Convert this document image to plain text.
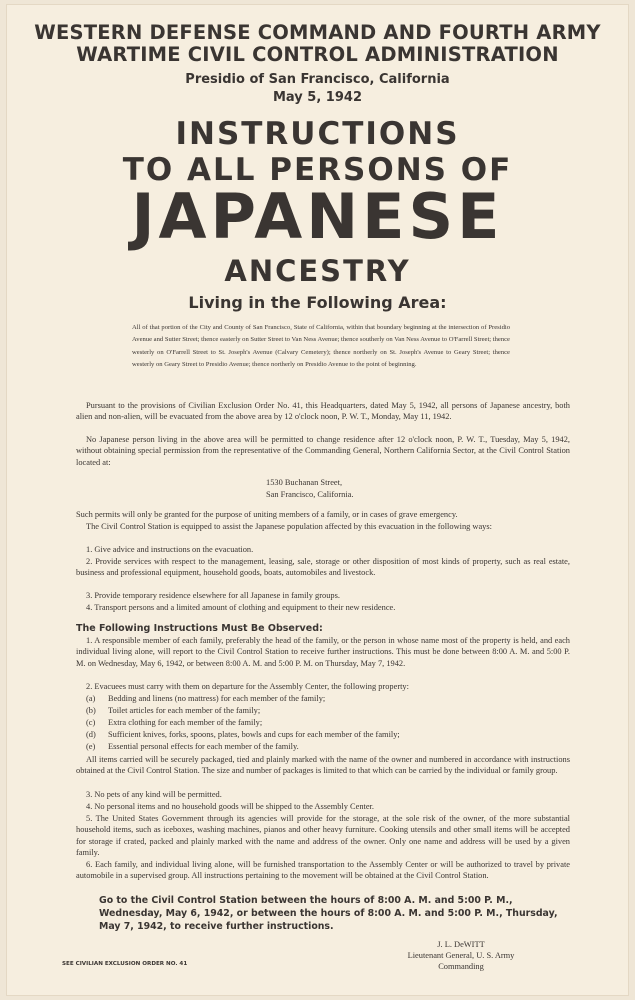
WESTERN DEFENSE COMMAND AND FOURTH ARMY
WARTIME CIVIL CONTROL ADMINISTRATION
Presidio of San Francisco, California
May 5, 1942
INSTRUCTIONS
TO ALL PERSONS OF
JAPANESE
ANCESTRY
Living in the Following Area:
All of that portion of the City and County of San Francisco, State of California, within that boundary beginning at the intersection of Presidio Avenue and Sutter Street; thence easterly on Sutter Street to Van Ness Avenue; thence southerly on Van Ness Avenue to O'Farrell Street; thence westerly on O'Farrell Street to St. Joseph's Avenue (Calvary Cemetery); thence northerly on St. Joseph's Avenue to Geary Street; thence westerly on Geary Street to Presidio Avenue; thence northerly on Presidio Avenue to the point of beginning.

Pursuant to the provisions of Civilian Exclusion Order No. 41, this Headquarters, dated May 5, 1942, all persons of Japanese ancestry, both alien and non-alien, will be evacuated from the above area by 12 o'clock noon, P. W. T., Monday, May 11, 1942.

No Japanese person living in the above area will be permitted to change residence after 12 o'clock noon, P. W. T., Tuesday, May 5, 1942, without obtaining special permission from the representative of the Commanding General, Northern California Sector, at the Civil Control Station located at:

1530 Buchanan Street,
San Francisco, California.

Such permits will only be granted for the purpose of uniting members of a family, or in cases of grave emergency.

The Civil Control Station is equipped to assist the Japanese population affected by this evacuation in the following ways:

1. Give advice and instructions on the evacuation.

2. Provide services with respect to the management, leasing, sale, storage or other disposition of most kinds of property, such as real estate, business and professional equipment, household goods, boats, automobiles and livestock.

3. Provide temporary residence elsewhere for all Japanese in family groups.

4. Transport persons and a limited amount of clothing and equipment to their new residence.

The Following Instructions Must Be Observed:

1. A responsible member of each family, preferably the head of the family, or the person in whose name most of the property is held, and each individual living alone, will report to the Civil Control Station to receive further instructions. This must be done between 8:00 A. M. and 5:00 P. M. on Wednesday, May 6, 1942, or between 8:00 A. M. and 5:00 P. M. on Thursday, May 7, 1942.

2. Evacuees must carry with them on departure for the Assembly Center, the following property:

(a) Bedding and linens (no mattress) for each member of the family;
(b) Toilet articles for each member of the family;
(c) Extra clothing for each member of the family;
(d) Sufficient knives, forks, spoons, plates, bowls and cups for each member of the family;
(e) Essential personal effects for each member of the family.

All items carried will be securely packaged, tied and plainly marked with the name of the owner and numbered in accordance with instructions obtained at the Civil Control Station. The size and number of packages is limited to that which can be carried by the individual or family group.

3. No pets of any kind will be permitted.

4. No personal items and no household goods will be shipped to the Assembly Center.

5. The United States Government through its agencies will provide for the storage, at the sole risk of the owner, of the more substantial household items, such as iceboxes, washing machines, pianos and other heavy furniture. Cooking utensils and other small items will be accepted for storage if crated, packed and plainly marked with the name and address of the owner. Only one name and address will be used by a given family.

6. Each family, and individual living alone, will be furnished transportation to the Assembly Center or will be authorized to travel by private automobile in a supervised group. All instructions pertaining to the movement will be obtained at the Civil Control Station.

Go to the Civil Control Station between the hours of 8:00 A. M. and 5:00 P. M., Wednesday, May 6, 1942, or between the hours of 8:00 A. M. and 5:00 P. M., Thursday, May 7, 1942, to receive further instructions.
J. L. DeWITT
Lieutenant General, U. S. Army
Commanding
SEE CIVILIAN EXCLUSION ORDER NO. 41
